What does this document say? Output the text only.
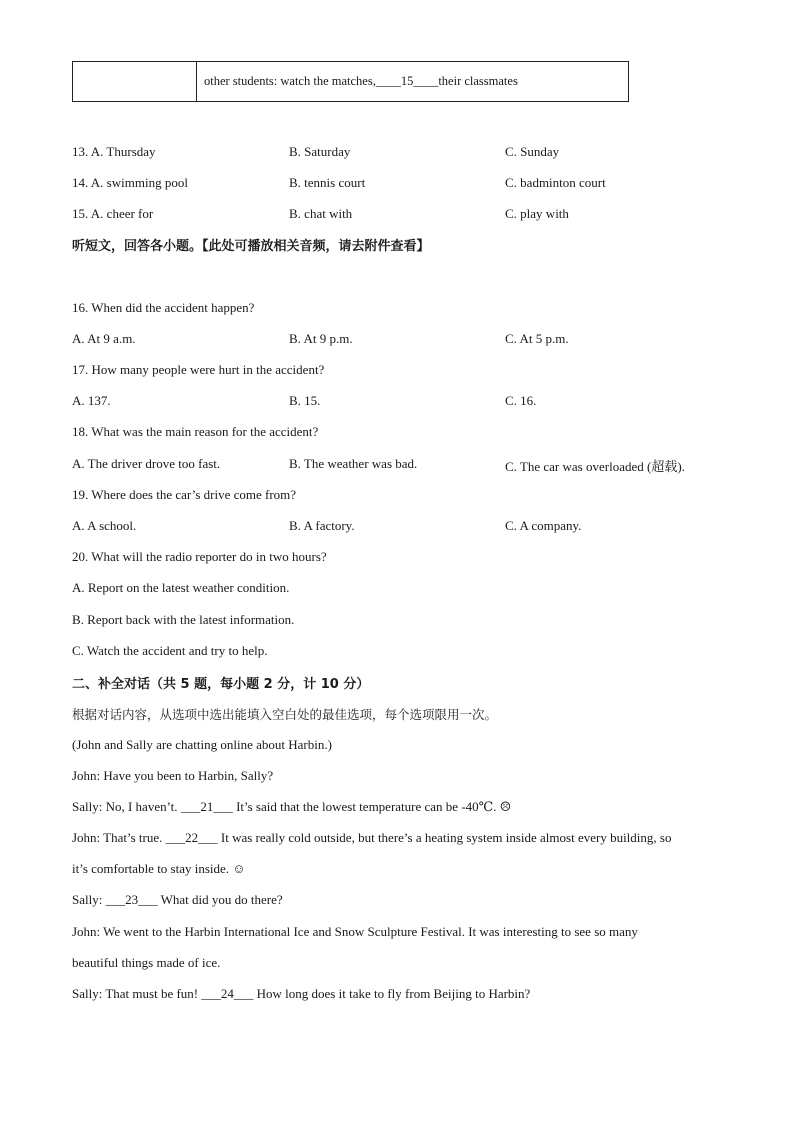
other students: watch the matches, ____15____ their classmates
13. A. Thursday	B. Saturday	C. Sunday
14. A. swimming pool	B. tennis court	C. badminton court
15. A. cheer for	B. chat with	C. play with
听短文，回答各小题。【此处可播放相关音频，请去附件查看】
16. When did the accident happen?
A. At 9 a.m.	B. At 9 p.m.	C. At 5 p.m.
17. How many people were hurt in the accident?
A. 137.	B. 15.	C. 16.
18. What was the main reason for the accident?
A. The driver drove too fast.	B. The weather was bad.	C. The car was overloaded (超载).
19. Where does the car’s drive come from?
A. A school.	B. A factory.	C. A company.
20. What will the radio reporter do in two hours?
A. Report on the latest weather condition.
B. Report back with the latest information.
C. Watch the accident and try to help.
二、补全对话（共 5 题，每小题 2 分，计 10 分）
根据对话内容，从选项中选出能填入空白处的最佳选项，每个选项限用一次。
(John and Sally are chatting online about Harbin.)
John: Have you been to Harbin, Sally?
Sally: No, I haven’t. ___21___ It’s said that the lowest temperature can be -40℃. ☹
John: That’s true. ___22___ It was really cold outside, but there’s a heating system inside almost every building, so
it’s comfortable to stay inside. ☺
Sally: ___23___ What did you do there?
John: We went to the Harbin International Ice and Snow Sculpture Festival. It was interesting to see so many
beautiful things made of ice.
Sally: That must be fun! ___24___ How long does it take to fly from Beijing to Harbin?
